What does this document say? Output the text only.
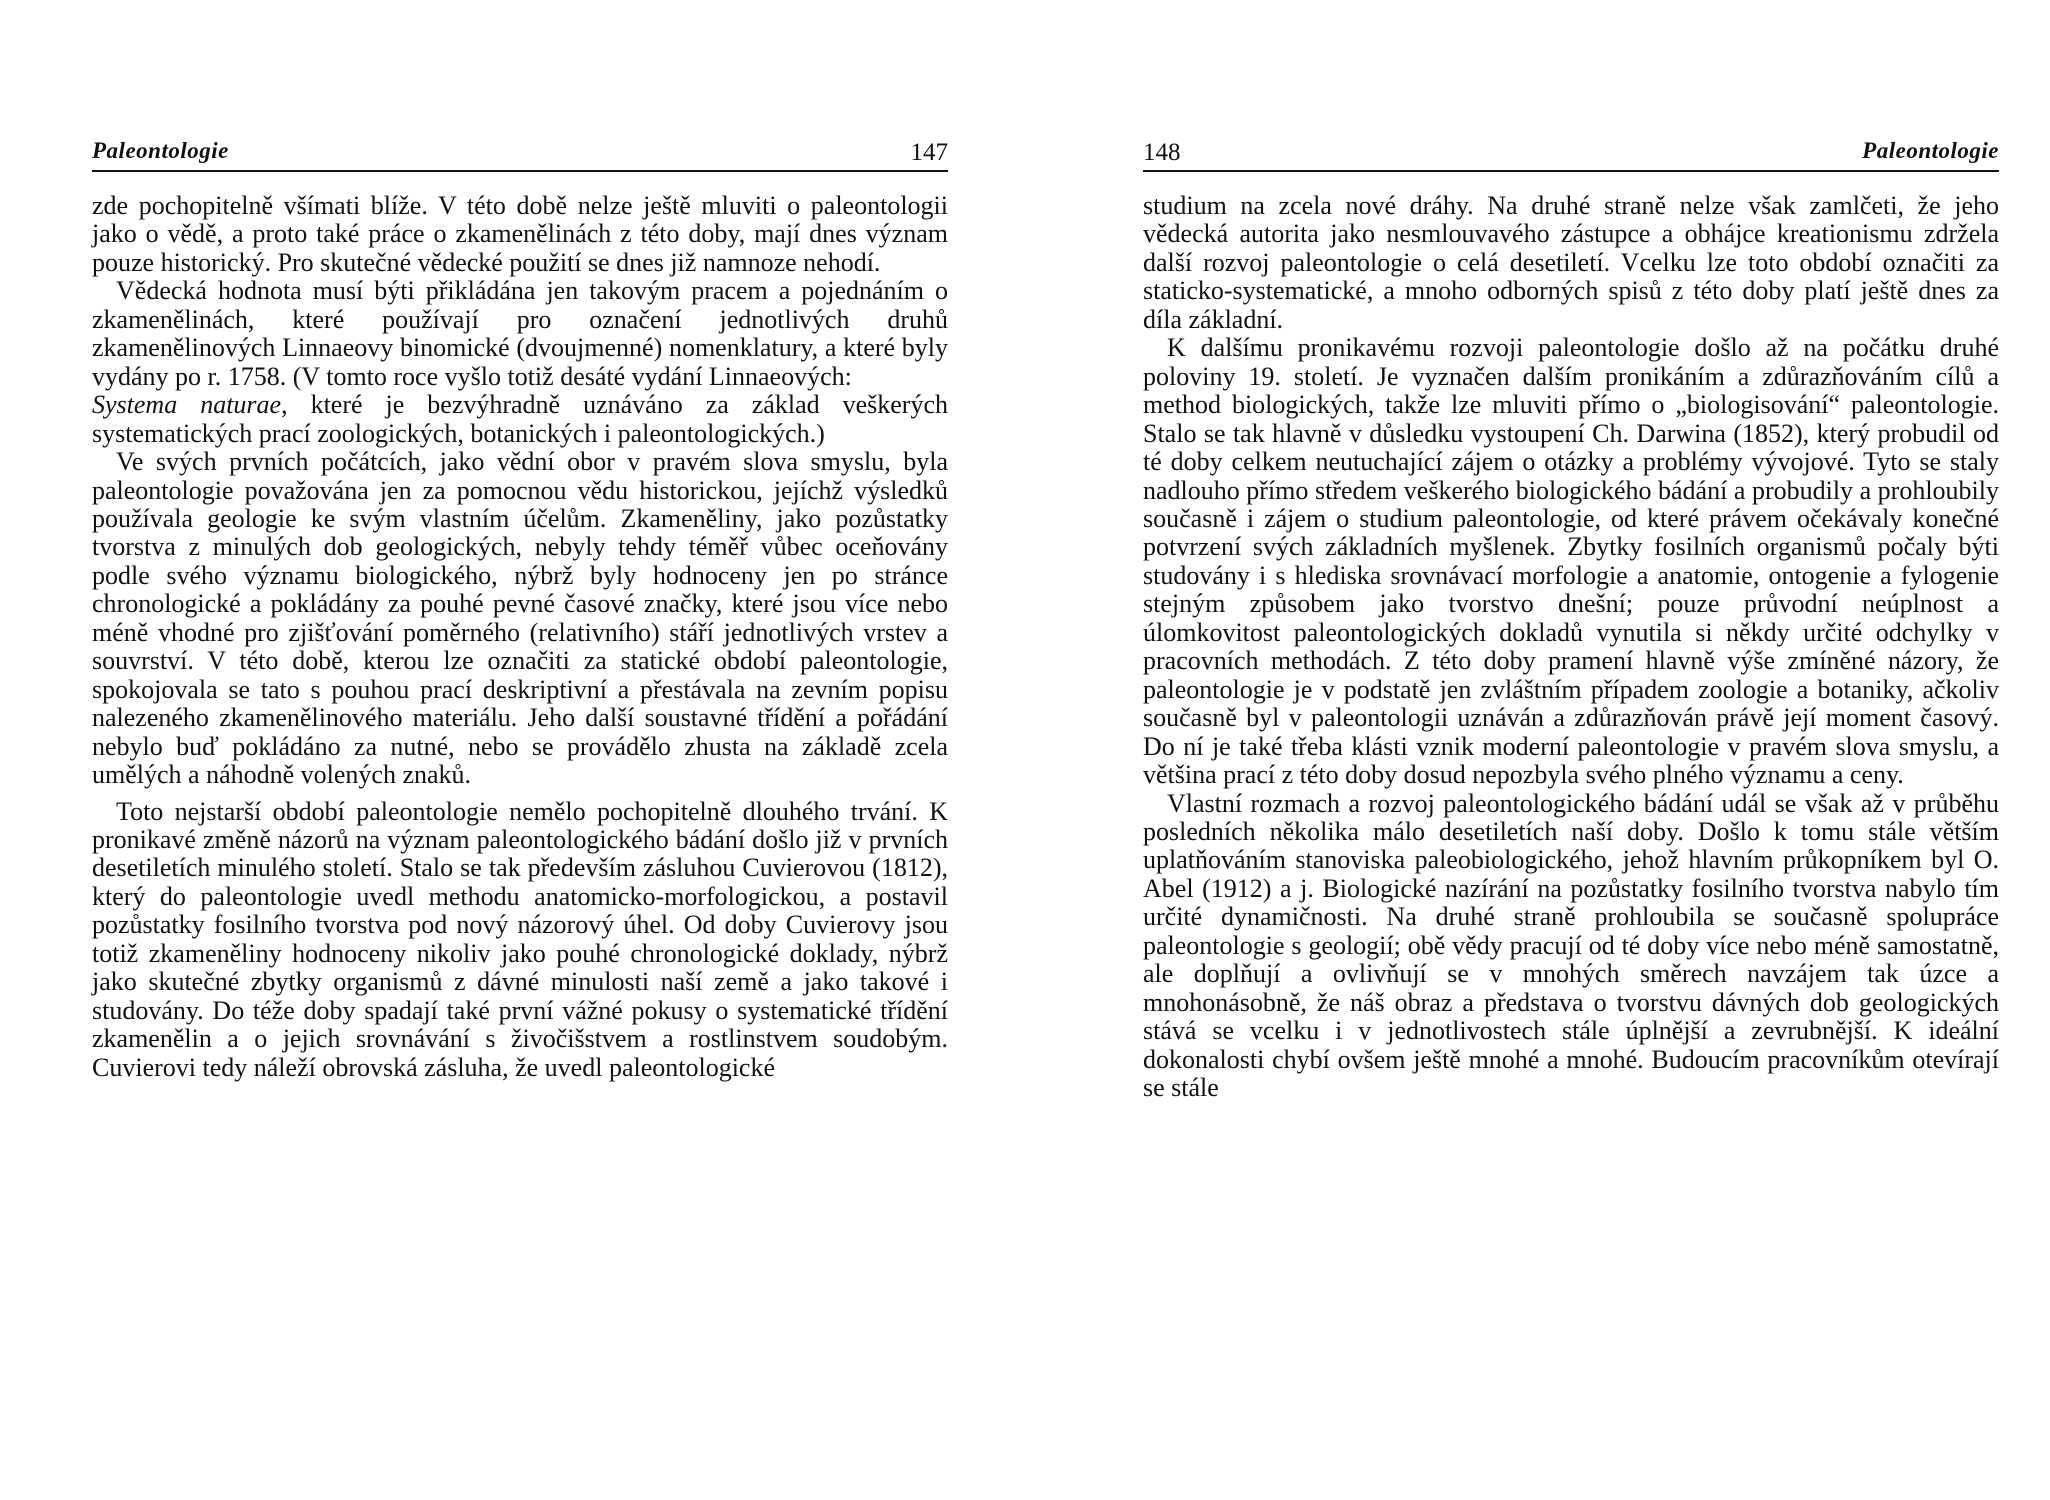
Paleontologie	147

zde pochopitelně všímati blíže. V této době nelze ještě mluviti o paleontologii jako o vědě, a proto také práce o zkamenělinách z této doby, mají dnes význam pouze historický. Pro skutečné vědecké použití se dnes již namnoze nehodí.

Vědecká hodnota musí býti přikládána jen takovým pracem a pojednáním o zkamenělinách, které používají pro označení jednotlivých druhů zkamenělinových Linnaeovy binomické (dvoujmenné) nomenklatury, a které byly vydány po r. 1758. (V tomto roce vyšlo totiž desáté vydání Linnaeových:
Systema naturae, které je bezvýhradně uznáváno za základ veškerých systematických prací zoologických, botanických i paleontologických.)

Ve svých prvních počátcích, jako vědní obor v pravém slova smyslu, byla paleontologie považována jen za pomocnou vědu historickou, jejíchž výsledků používala geologie ke svým vlastním účelům. Zkameněliny, jako pozůstatky tvorstva z minulých dob geologických, nebyly tehdy téměř vůbec oceňovány podle svého významu biologického, nýbrž byly hodnoceny jen po stránce chronologické a pokládány za pouhé pevné časové značky, které jsou více nebo méně vhodné pro zjišťování poměrného (relativního) stáří jednotlivých vrstev a souvrství. V této době, kterou lze označiti za statické období paleontologie, spokojovala se tato s pouhou prací deskriptivní a přestávala na zevním popisu nalezeného zkamenělinového materiálu. Jeho další soustavné třídění a pořádání nebylo buď pokládáno za nutné, nebo se provádělo zhusta na základě zcela umělých a náhodně volených znaků.

Toto nejstarší období paleontologie nemělo pochopitelně dlouhého trvání. K pronikavé změně názorů na význam paleontologického bádání došlo již v prvních desetiletích minulého století. Stalo se tak především zásluhou Cuvierovou (1812), který do paleontologie uvedl methodu anatomicko-morfologickou, a postavil pozůstatky fosilního tvorstva pod nový názorový úhel. Od doby Cuvierovy jsou totiž zkameněliny hodnoceny nikoliv jako pouhé chronologické doklady, nýbrž jako skutečné zbytky organismů z dávné minulosti naší země a jako takové i studovány. Do téže doby spadají také první vážné pokusy o systematické třídění zkamenělin a o jejich srovnávání s živočišstvem a rostlinstvem soudobým. Cuvierovi tedy náleží obrovská zásluha, že uvedl paleontologické

148	Paleontologie

studium na zcela nové dráhy. Na druhé straně nelze však zamlčeti, že jeho vědecká autorita jako nesmlouvavého zástupce a obhájce kreationismu zdržela další rozvoj paleontologie o celá desetiletí. Vcelku lze toto období označiti za staticko-systematické, a mnoho odborných spisů z této doby platí ještě dnes za díla základní.

K dalšímu pronikavému rozvoji paleontologie došlo až na počátku druhé poloviny 19. století. Je vyznačen dalším pronikáním a zdůrazňováním cílů a method biologických, takže lze mluviti přímo o „biologisování“ paleontologie. Stalo se tak hlavně v důsledku vystoupení Ch. Darwina (1852), který probudil od té doby celkem neutuchající zájem o otázky a problémy vývojové. Tyto se staly nadlouho přímo středem veškerého biologického bádání a probudily a prohloubily současně i zájem o studium paleontologie, od které právem očekávaly konečné potvrzení svých základních myšlenek. Zbytky fosilních organismů počaly býti studovány i s hlediska srovnávací morfologie a anatomie, ontogenie a fylogenie stejným způsobem jako tvorstvo dnešní; pouze průvodní neúplnost a úlomkovitost paleontologických dokladů vynutila si někdy určité odchylky v pracovních methodách. Z této doby pramení hlavně výše zmíněné názory, že paleontologie je v podstatě jen zvláštním případem zoologie a botaniky, ačkoliv současně byl v paleontologii uznáván a zdůrazňován právě její moment časový. Do ní je také třeba klásti vznik moderní paleontologie v pravém slova smyslu, a většina prací z této doby dosud nepozbyla svého plného významu a ceny.

Vlastní rozmach a rozvoj paleontologického bádání udál se však až v průběhu posledních několika málo desetiletích naší doby. Došlo k tomu stále větším uplatňováním stanoviska paleobiologického, jehož hlavním průkopníkem byl O. Abel (1912) a j. Biologické nazírání na pozůstatky fosilního tvorstva nabylo tím určité dynamičnosti. Na druhé straně prohloubila se současně spolupráce paleontologie s geologií; obě vědy pracují od té doby více nebo méně samostatně, ale doplňují a ovlivňují se v mnohých směrech navzájem tak úzce a mnohonásobně, že náš obraz a představa o tvorstvu dávných dob geologických stává se vcelku i v jednotlivostech stále úplnější a zevrubnější. K ideální dokonalosti chybí ovšem ještě mnohé a mnohé. Budoucím pracovníkům otevírají se stále
